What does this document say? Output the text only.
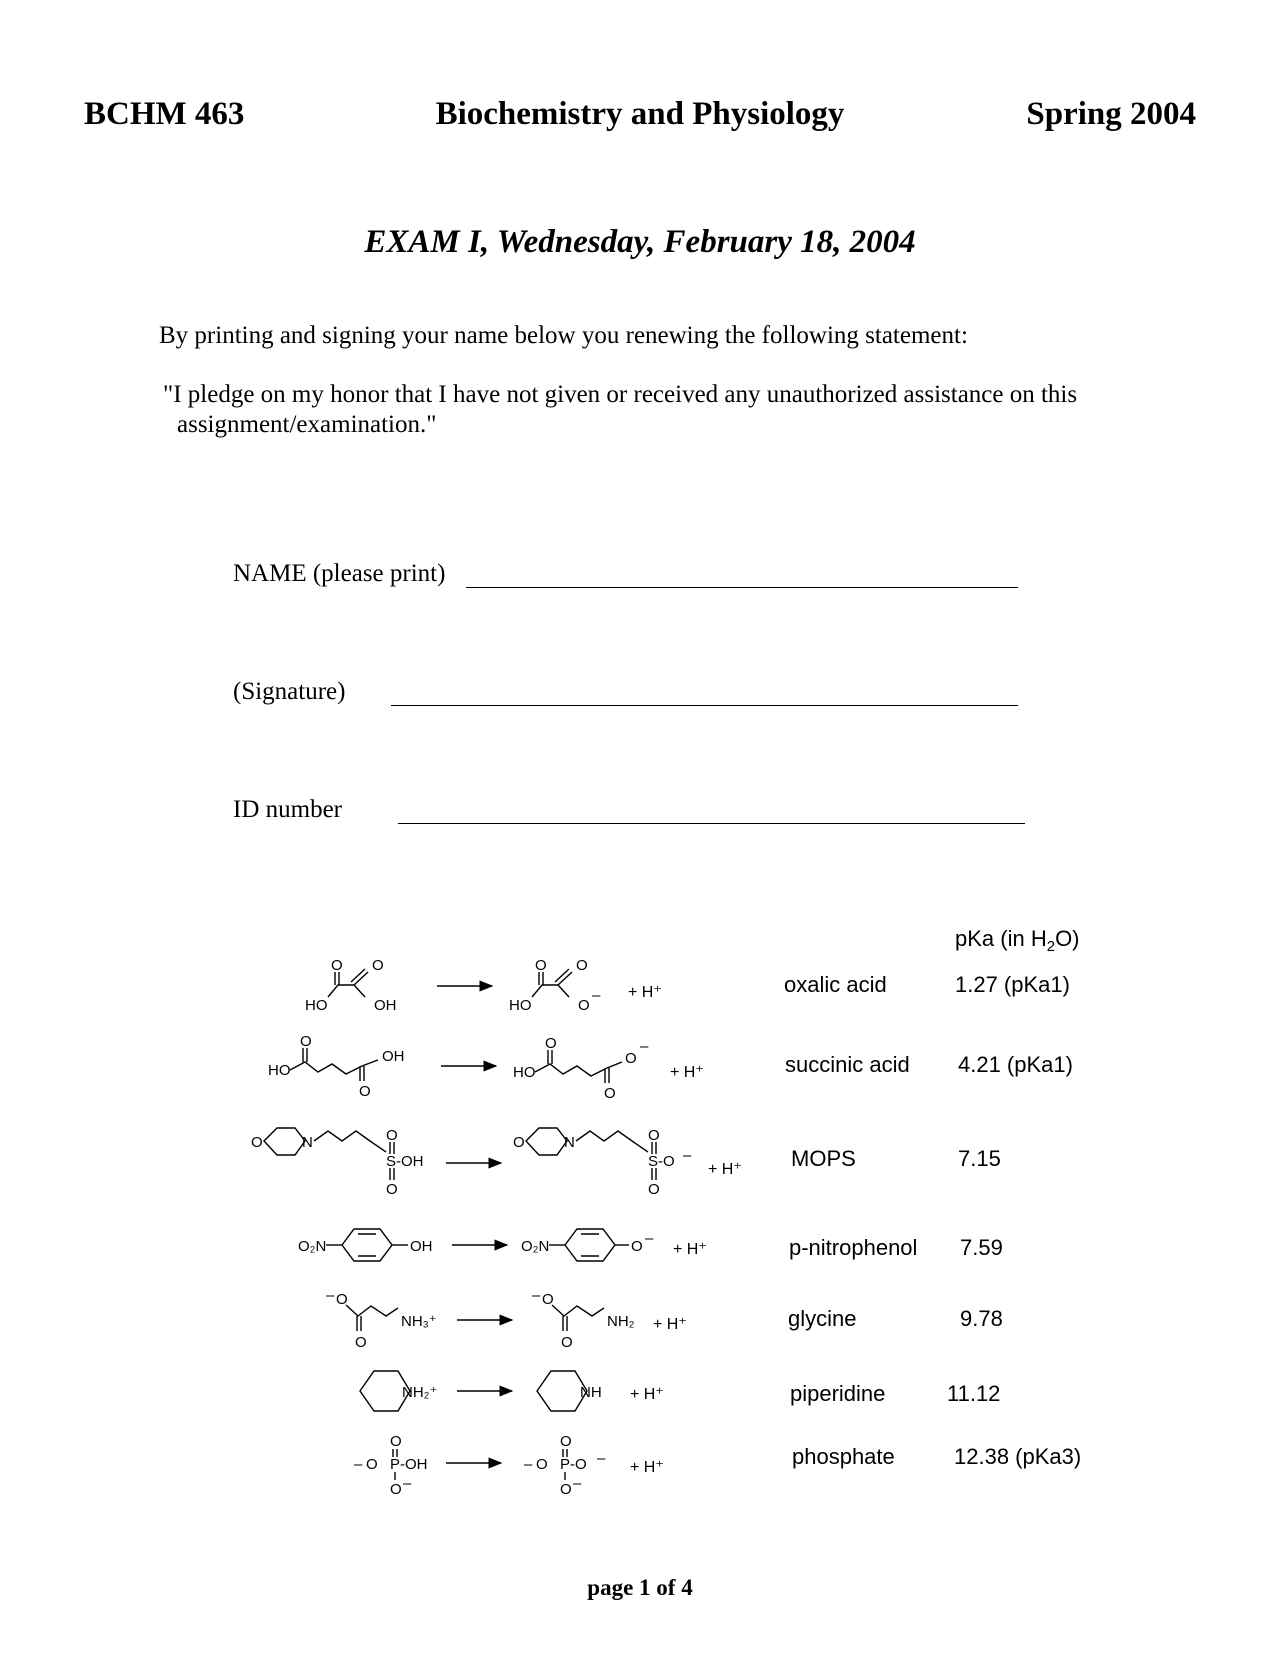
BCHM 463	Biochemistry and Physiology	Spring 2004
EXAM I, Wednesday, February 18, 2004
By printing and signing your name below you renewing the following statement:
"I pledge on my honor that I have not given or received any unauthorized assistance on this
assignment/examination."
NAME (please print)
(Signature)
ID number
pKa (in $H_2O$)
oxalic acid	1.27 (pKa1)
succinic acid 4.21 (pKa1)
MOPS	7.15
p-nitrophenol 7.59
glycine	9.78
piperidine	11.12
phosphate	12.38 (pKa3)
+ H⁺
+ H⁺
+ H⁺
+ H⁺
+ H⁺
+ H⁺
+ H⁺
O O
HO	OH
O O
HO	O
–
O
HO
OH
O
O
HO
O
–
O
O	N	O
S-OH
O
O	N	O
S-O –
O
O₂N	OH	O₂N	O –
– O
NH₃⁺
O
– O
NH₂
O
NH₂⁺	NH
O
– O P-OH
O –
O
– O P-O –
O –
page 1 of 4
